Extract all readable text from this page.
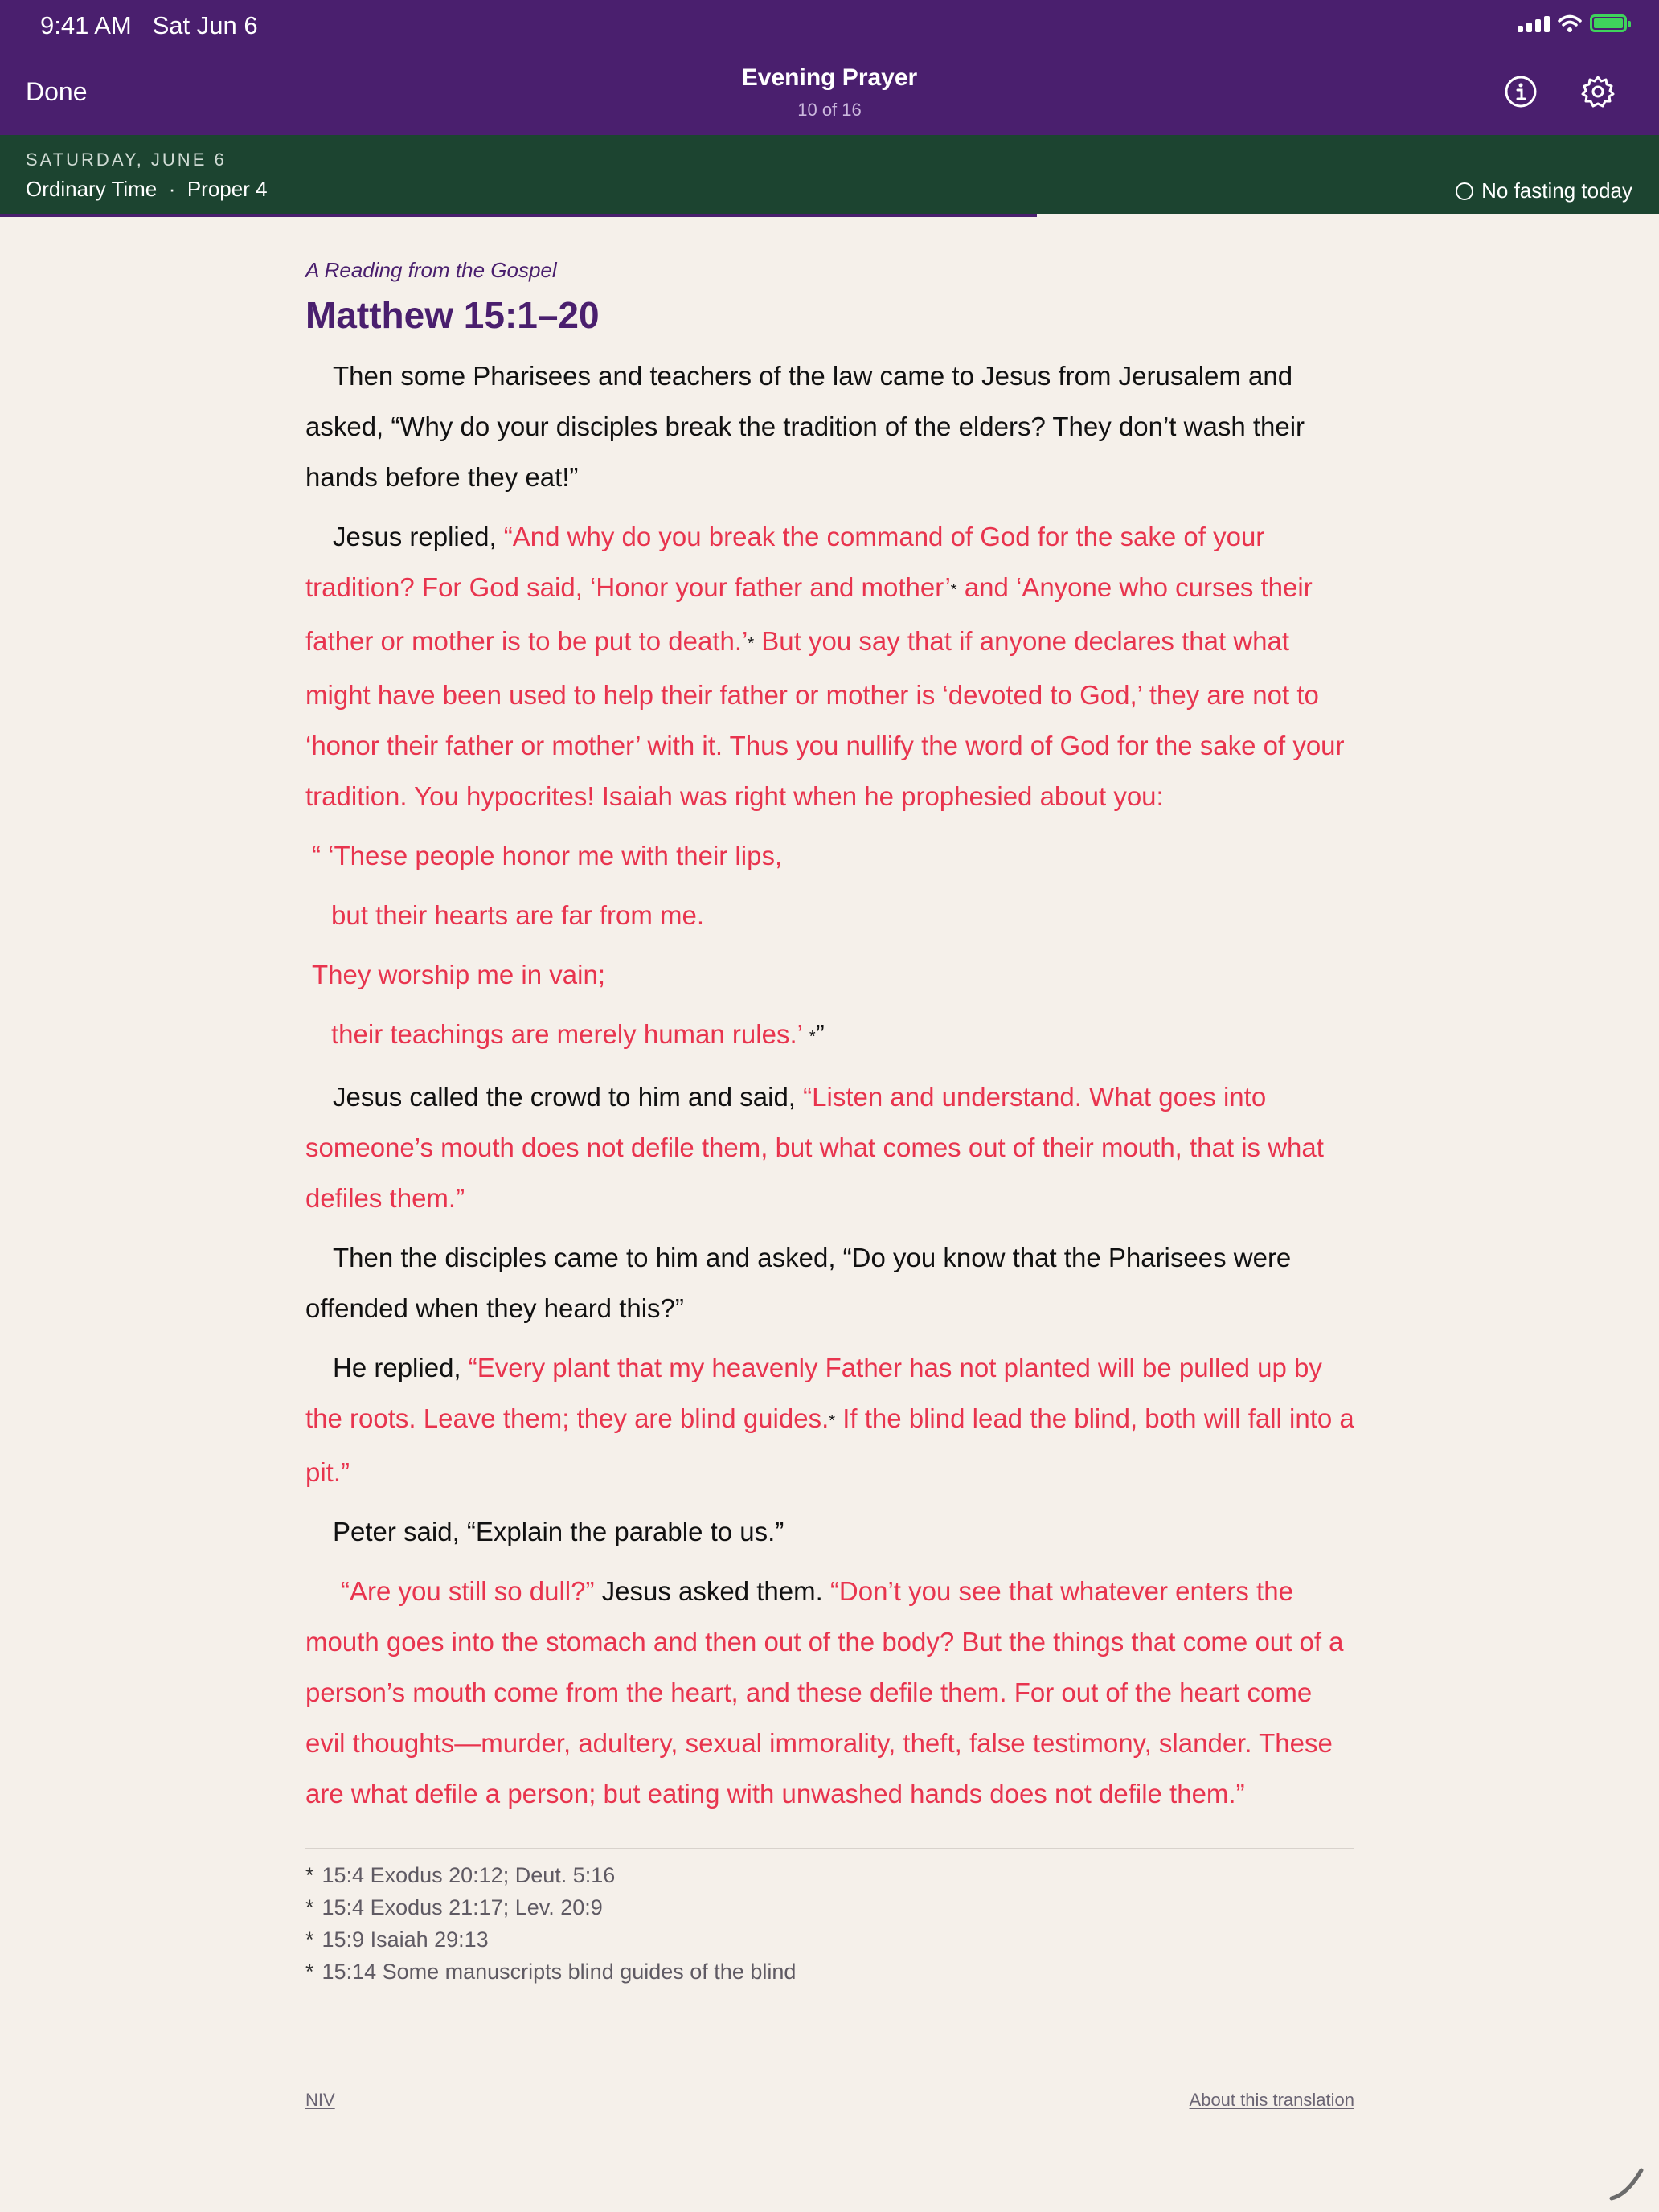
9:41 AM   Sat Jun 6
Done	Evening Prayer
10 of 16
SATURDAY, JUNE 6
Ordinary Time  ·  Proper 4	No fasting today

A Reading from the Gospel

Matthew 15:1–20

Then some Pharisees and teachers of the law came to Jesus from Jerusalem and asked, “Why do your disciples break the tradition of the elders? They don’t wash their hands before they eat!”

Jesus replied, “And why do you break the command of God for the sake of your tradition? For God said, ‘Honor your father and mother’* and ‘Anyone who curses their father or mother is to be put to death.’* But you say that if anyone declares that what might have been used to help their father or mother is ‘devoted to God,’ they are not to ‘honor their father or mother’ with it. Thus you nullify the word of God for the sake of your tradition. You hypocrites! Isaiah was right when he prophesied about you:

“ ‘These people honor me with their lips,

but their hearts are far from me.

They worship me in vain;

their teachings are merely human rules.’ *”

Jesus called the crowd to him and said, “Listen and understand. What goes into someone’s mouth does not defile them, but what comes out of their mouth, that is what defiles them.”

Then the disciples came to him and asked, “Do you know that the Pharisees were offended when they heard this?”

He replied, “Every plant that my heavenly Father has not planted will be pulled up by the roots. Leave them; they are blind guides.* If the blind lead the blind, both will fall into a pit.”

Peter said, “Explain the parable to us.”

“Are you still so dull?” Jesus asked them. “Don’t you see that whatever enters the mouth goes into the stomach and then out of the body? But the things that come out of a person’s mouth come from the heart, and these defile them. For out of the heart come evil thoughts—murder, adultery, sexual immorality, theft, false testimony, slander. These are what defile a person; but eating with unwashed hands does not defile them.”

* 15:4 Exodus 20:12; Deut. 5:16

* 15:4 Exodus 21:17; Lev. 20:9

* 15:9 Isaiah 29:13

* 15:14 Some manuscripts blind guides of the blind

NIV	About this translation
